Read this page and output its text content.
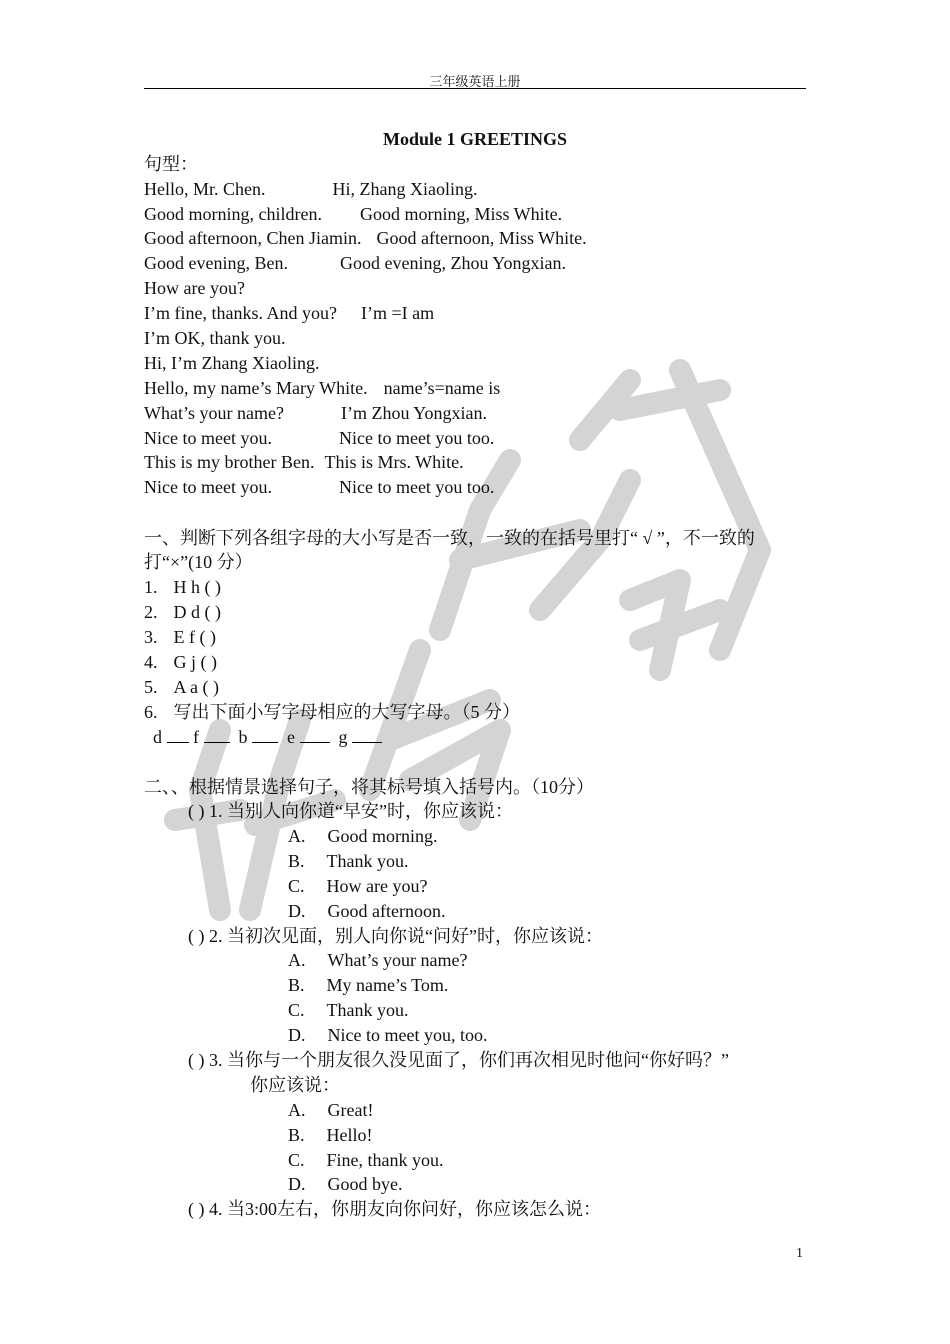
三年级英语上册
Module 1 GREETINGS
句型：
Hello, Mr. Chen.	Hi, Zhang Xiaoling.
Good morning, children. Good morning, Miss White.
Good afternoon, Chen Jiamin. Good afternoon, Miss White.
Good evening, Ben.	Good evening, Zhou Yongxian.
How are you?
I’m fine, thanks. And you? I’m =I am
I’m OK, thank you.
Hi, I’m Zhang Xiaoling.
Hello, my name’s Mary White. name’s=name is
What’s your name?	I’m Zhou Yongxian.
Nice to meet you.	Nice to meet you too.
This is my brother Ben. This is Mrs. White.
Nice to meet you.	Nice to meet you too.
一、判断下列各组字母的大小写是否一致，一致的在括号里打“ √ ”，不一致的
打“×”(10 分）
1. H h ( )
2. D d ( )
3. E f ( )
4. G j ( )
5. A a ( )
6. 写出下面小写字母相应的大写字母。（5 分）
d f b e g
二、、根据情景选择句子，将其标号填入括号内。（10分）
( ) 1. 当别人向你道“早安”时，你应该说：
A. Good morning.
B. Thank you.
C. How are you?
D. Good afternoon.
( ) 2. 当初次见面，别人向你说“问好”时，你应该说：
A. What’s your name?
B. My name’s Tom.
C. Thank you.
D. Nice to meet you, too.
( ) 3. 当你与一个朋友很久没见面了，你们再次相见时他问“你好吗？”
你应该说：
A. Great!
B. Hello!
C. Fine, thank you.
D. Good bye.
( ) 4. 当3:00左右，你朋友向你问好，你应该怎么说：
1
